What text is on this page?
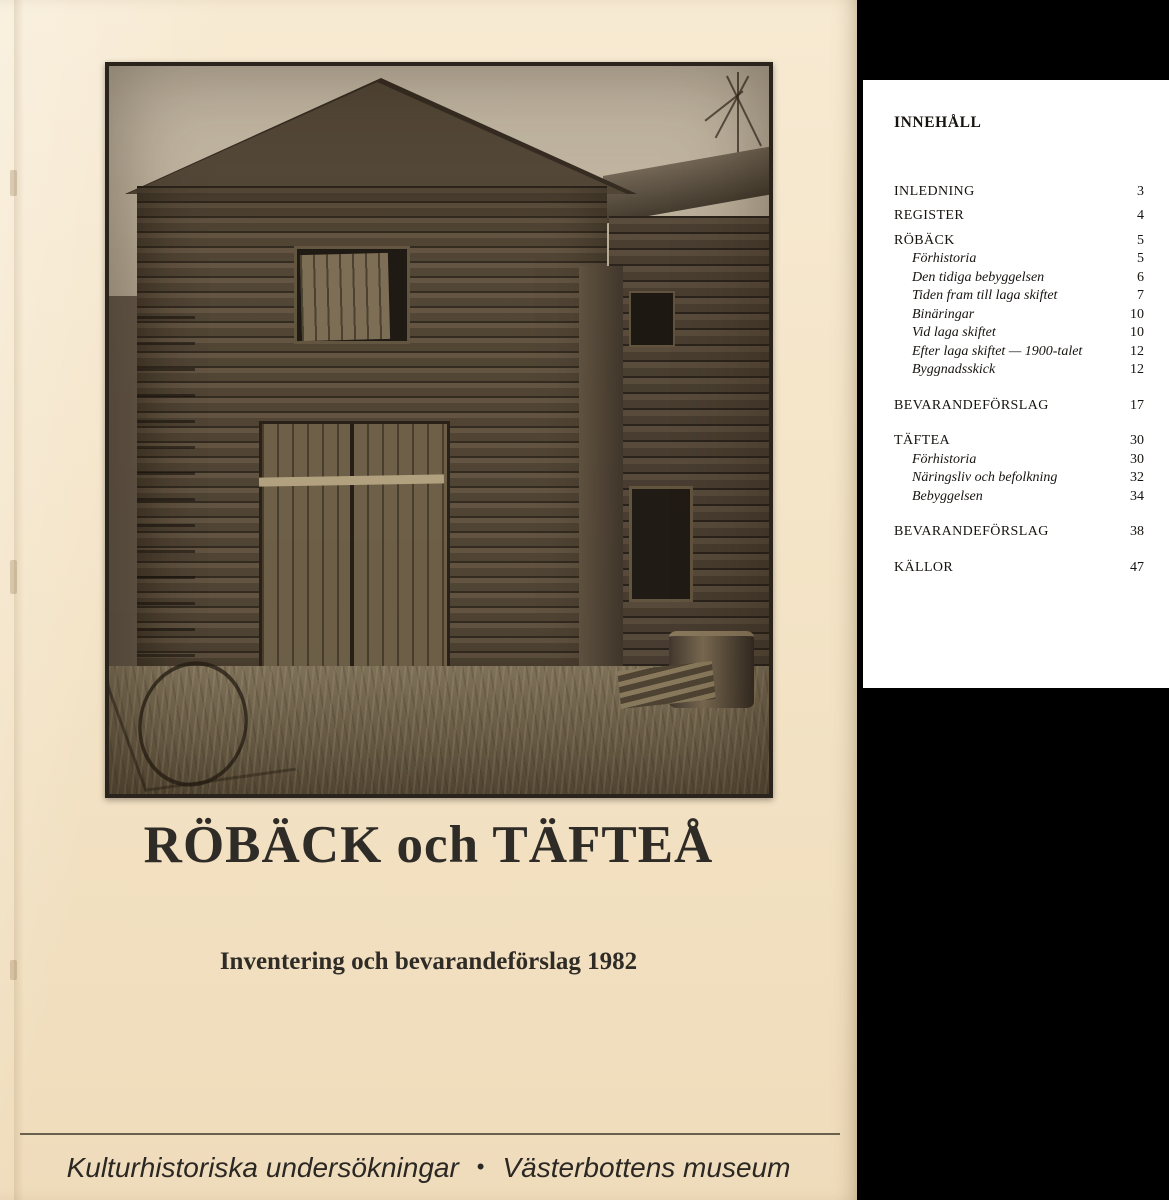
RÖBÄCK och TÄFTEÅ
Inventering och bevarandeförslag 1982
Kulturhistoriska undersökningar • Västerbottens museum
INNEHÅLL
INLEDNING	3
REGISTER	4
RÖBÄCK	5
Förhistoria	5
Den tidiga bebyggelsen	6
Tiden fram till laga skiftet	7
Binäringar	10
Vid laga skiftet	10
Efter laga skiftet — 1900-talet	12
Byggnadsskick	12
BEVARANDEFÖRSLAG	17
TÄFTEA	30
Förhistoria	30
Näringsliv och befolkning	32
Bebyggelsen	34
BEVARANDEFÖRSLAG	38
KÄLLOR	47
